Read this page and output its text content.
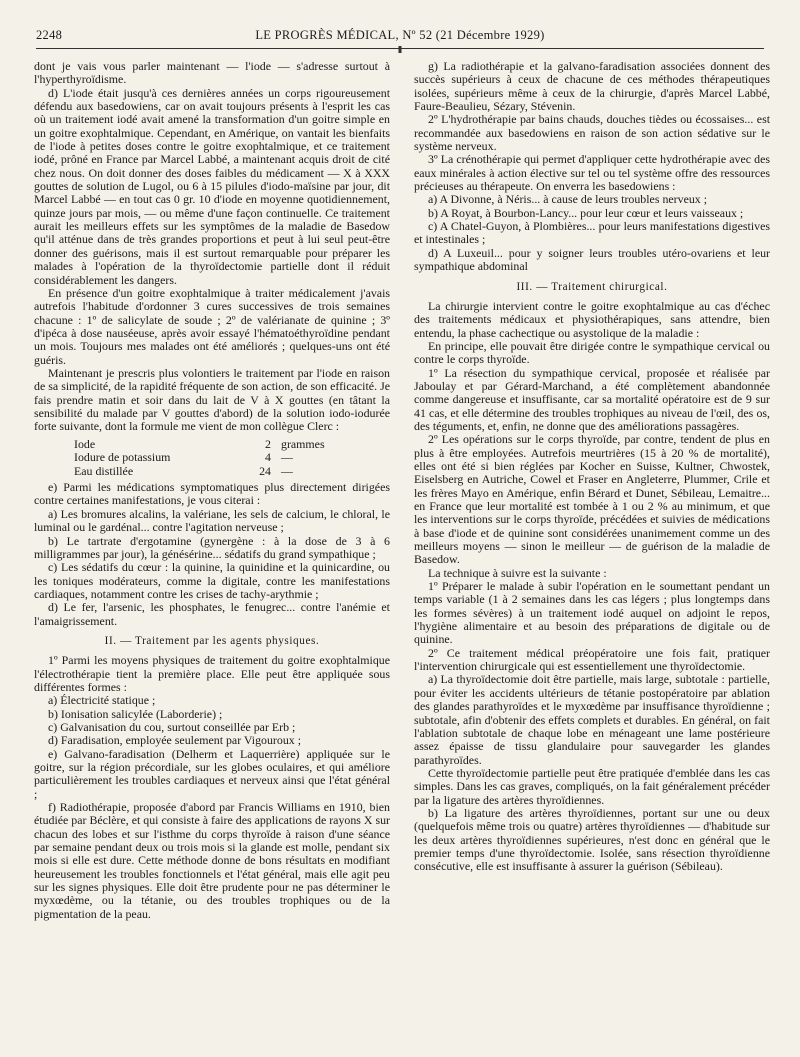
2248	LE PROGRÈS MÉDICAL, Nº 52 (21 Décembre 1929)

dont je vais vous parler maintenant — l'iode — s'adresse surtout à l'hyperthyroïdisme.

d) L'iode était jusqu'à ces dernières années un corps rigoureusement défendu aux basedowiens, car on avait toujours présents à l'esprit les cas où un traitement iodé avait amené la transformation d'un goitre simple en un goitre exophtalmique. Cependant, en Amérique, on vantait les bienfaits de l'iode à petites doses contre le goitre exophtalmique, et ce traitement iodé, prôné en France par Marcel Labbé, a maintenant acquis droit de cité chez nous. On doit donner des doses faibles du médicament — X à XXX gouttes de solution de Lugol, ou 6 à 15 pilules d'iodo-maïsine par jour, dit Marcel Labbé — en tout cas 0 gr. 10 d'iode en moyenne quotidiennement, quinze jours par mois, — ou même d'une façon continuelle. Ce traitement aurait les meilleurs effets sur les symptômes de la maladie de Basedow qu'il atténue dans de très grandes proportions et peut à lui seul peut-être donner des guérisons, mais il est surtout remarquable pour préparer les malades à l'opération de la thyroïdectomie partielle dont il réduit considérablement les dangers.

En présence d'un goitre exophtalmique à traiter médicalement j'avais autrefois l'habitude d'ordonner 3 cures successives de trois semaines chacune : 1º de salicylate de soude ; 2º de valérianate de quinine ; 3º d'ipéca à dose nauséeuse, après avoir essayé l'hématoéthyroïdine pendant un mois. Toujours mes malades ont été améliorés ; quelques-uns ont été guéris.

Maintenant je prescris plus volontiers le traitement par l'iode en raison de sa simplicité, de la rapidité fréquente de son action, de son efficacité. Je fais prendre matin et soir dans du lait de V à X gouttes (en tâtant la sensibilité du malade par V gouttes d'abord) de la solution iodo-iodurée forte suivante, dont la formule me vient de mon collègue Clerc :

Iode	2 grammes
Iodure de potassium	4 —
Eau distillée	24 —

e) Parmi les médications symptomatiques plus directement dirigées contre certaines manifestations, je vous citerai :

a) Les bromures alcalins, la valériane, les sels de calcium, le chloral, le luminal ou le gardénal... contre l'agitation nerveuse ;

b) Le tartrate d'ergotamine (gynergène : à la dose de 3 à 6 milligrammes par jour), la génésérine... sédatifs du grand sympathique ;

c) Les sédatifs du cœur : la quinine, la quinidine et la quinicardine, ou les toniques modérateurs, comme la digitale, contre les manifestations cardiaques, notamment contre les crises de tachy-arythmie ;

d) Le fer, l'arsenic, les phosphates, le fenugrec... contre l'anémie et l'amaigrissement.

II. — Traitement par les agents physiques.

1º Parmi les moyens physiques de traitement du goitre exophtalmique l'électrothérapie tient la première place. Elle peut être appliquée sous différentes formes :

a) Électricité statique ;

b) Ionisation salicylée (Laborderie) ;

c) Galvanisation du cou, surtout conseillée par Erb ;

d) Faradisation, employée seulement par Vigouroux ;

e) Galvano-faradisation (Delherm et Laquerrière) appliquée sur le goitre, sur la région précordiale, sur les globes oculaires, et qui améliore particulièrement les troubles cardiaques et nerveux ainsi que l'état général ;

f) Radiothérapie, proposée d'abord par Francis Williams en 1910, bien étudiée par Béclère, et qui consiste à faire des applications de rayons X sur chacun des lobes et sur l'isthme du corps thyroïde à raison d'une séance par semaine pendant deux ou trois mois si la glande est molle, pendant six mois si elle est dure. Cette méthode donne de bons résultats en modifiant heureusement les troubles fonctionnels et l'état général, mais elle agit peu sur les signes physiques. Elle doit être prudente pour ne pas déterminer le myxœdème, ou la tétanie, ou des troubles trophiques ou de la pigmentation de la peau.

g) La radiothérapie et la galvano-faradisation associées donnent des succès supérieurs à ceux de chacune de ces méthodes thérapeutiques isolées, supérieurs même à ceux de la chirurgie, d'après Marcel Labbé, Faure-Beaulieu, Sézary, Stévenin.

2º L'hydrothérapie par bains chauds, douches tièdes ou écossaises... est recommandée aux basedowiens en raison de son action sédative sur le système nerveux.

3º La crénothérapie qui permet d'appliquer cette hydrothérapie avec des eaux minérales à action élective sur tel ou tel système offre des ressources précieuses au thérapeute. On enverra les basedowiens :

a) A Divonne, à Néris... à cause de leurs troubles nerveux ;

b) A Royat, à Bourbon-Lancy... pour leur cœur et leurs vaisseaux ;

c) A Chatel-Guyon, à Plombières... pour leurs manifestations digestives et intestinales ;

d) A Luxeuil... pour y soigner leurs troubles utéro-ovariens et leur sympathique abdominal

III. — Traitement chirurgical.

La chirurgie intervient contre le goitre exophtalmique au cas d'échec des traitements médicaux et physiothérapiques, sans attendre, bien entendu, la phase cachectique ou asystolique de la maladie :

En principe, elle pouvait être dirigée contre le sympathique cervical ou contre le corps thyroïde.

1º La résection du sympathique cervical, proposée et réalisée par Jaboulay et par Gérard-Marchand, a été complètement abandonnée comme dangereuse et insuffisante, car sa mortalité opératoire est de 9 sur 41 cas, et elle détermine des troubles trophiques au niveau de l'œil, des os, des téguments, et, enfin, ne donne que des améliorations passagères.

2º Les opérations sur le corps thyroïde, par contre, tendent de plus en plus à être employées. Autrefois meurtrières (15 à 20 % de mortalité), elles ont été si bien réglées par Kocher en Suisse, Kultner, Chwostek, Eiselsberg en Autriche, Cowel et Fraser en Angleterre, Plummer, Crile et les frères Mayo en Amérique, enfin Bérard et Dunet, Sébileau, Lemaitre... en France que leur mortalité est tombée à 1 ou 2 % au minimum, et que les interventions sur le corps thyroïde, précédées et suivies de médications à base d'iode et de quinine sont considérées unanimement comme un des meilleurs moyens — sinon le meilleur — de guérison de la maladie de Basedow.

La technique à suivre est la suivante :

1º Préparer le malade à subir l'opération en le soumettant pendant un temps variable (1 à 2 semaines dans les cas légers ; plus longtemps dans les formes sévères) à un traitement iodé auquel on adjoint le repos, l'hygiène alimentaire et au besoin des préparations de digitale ou de quinine.

2º Ce traitement médical préopératoire une fois fait, pratiquer l'intervention chirurgicale qui est essentiellement une thyroïdectomie.

a) La thyroïdectomie doit être partielle, mais large, subtotale : partielle, pour éviter les accidents ultérieurs de tétanie postopératoire par ablation des glandes parathyroïdes et le myxœdème par insuffisance thyroïdienne ; subtotale, afin d'obtenir des effets complets et durables. En général, on fait l'ablation subtotale de chaque lobe en ménageant une lame postérieure assez épaisse de tissu glandulaire pour sauvegarder les glandes parathyroïdes.

Cette thyroïdectomie partielle peut être pratiquée d'emblée dans les cas simples. Dans les cas graves, compliqués, on la fait généralement précéder par la ligature des artères thyroïdiennes.

b) La ligature des artères thyroïdiennes, portant sur une ou deux (quelquefois même trois ou quatre) artères thyroïdiennes — d'habitude sur les deux artères thyroïdiennes supérieures, n'est donc en général que le premier temps d'une thyroïdectomie. Isolée, sans résection thyroïdienne consécutive, elle est insuffisante à assurer la guérison (Sébileau).
